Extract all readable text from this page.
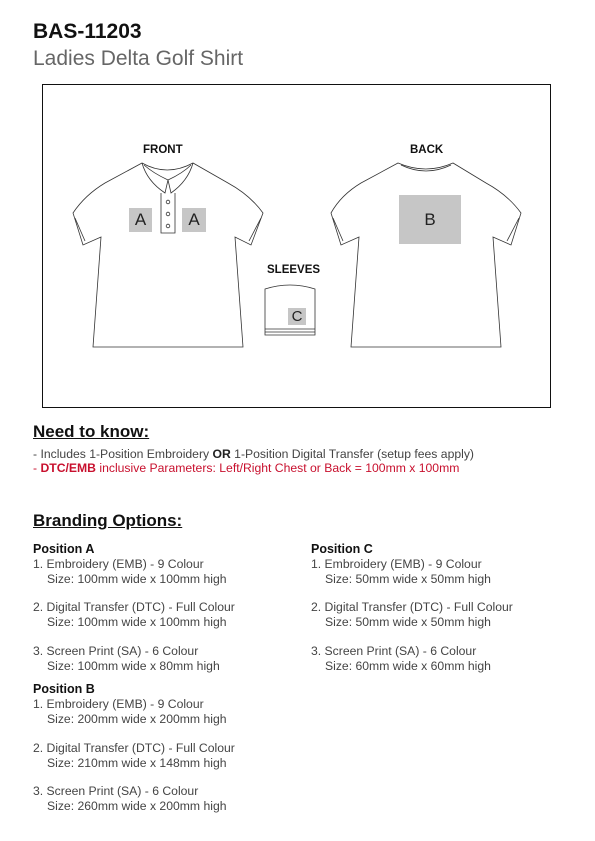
BAS-11203
Ladies Delta Golf Shirt
FRONT	BACK
SLEEVES
A	A	B
C
Need to know:
- Includes 1-Position Embroidery OR 1-Position Digital Transfer (setup fees apply)
- DTC/EMB inclusive Parameters: Left/Right Chest or Back = 100mm x 100mm
Branding Options:
Position A
1. Embroidery (EMB) - 9 Colour
Size: 100mm wide x 100mm high
2. Digital Transfer (DTC) - Full Colour
Size: 100mm wide x 100mm high
3. Screen Print (SA) - 6 Colour
Size: 100mm wide x 80mm high
Position B
1. Embroidery (EMB) - 9 Colour
Size: 200mm wide x 200mm high
2. Digital Transfer (DTC) - Full Colour
Size: 210mm wide x 148mm high
3. Screen Print (SA) - 6 Colour
Size: 260mm wide x 200mm high
Position C
1. Embroidery (EMB) - 9 Colour
Size: 50mm wide x 50mm high
2. Digital Transfer (DTC) - Full Colour
Size: 50mm wide x 50mm high
3. Screen Print (SA) - 6 Colour
Size: 60mm wide x 60mm high
